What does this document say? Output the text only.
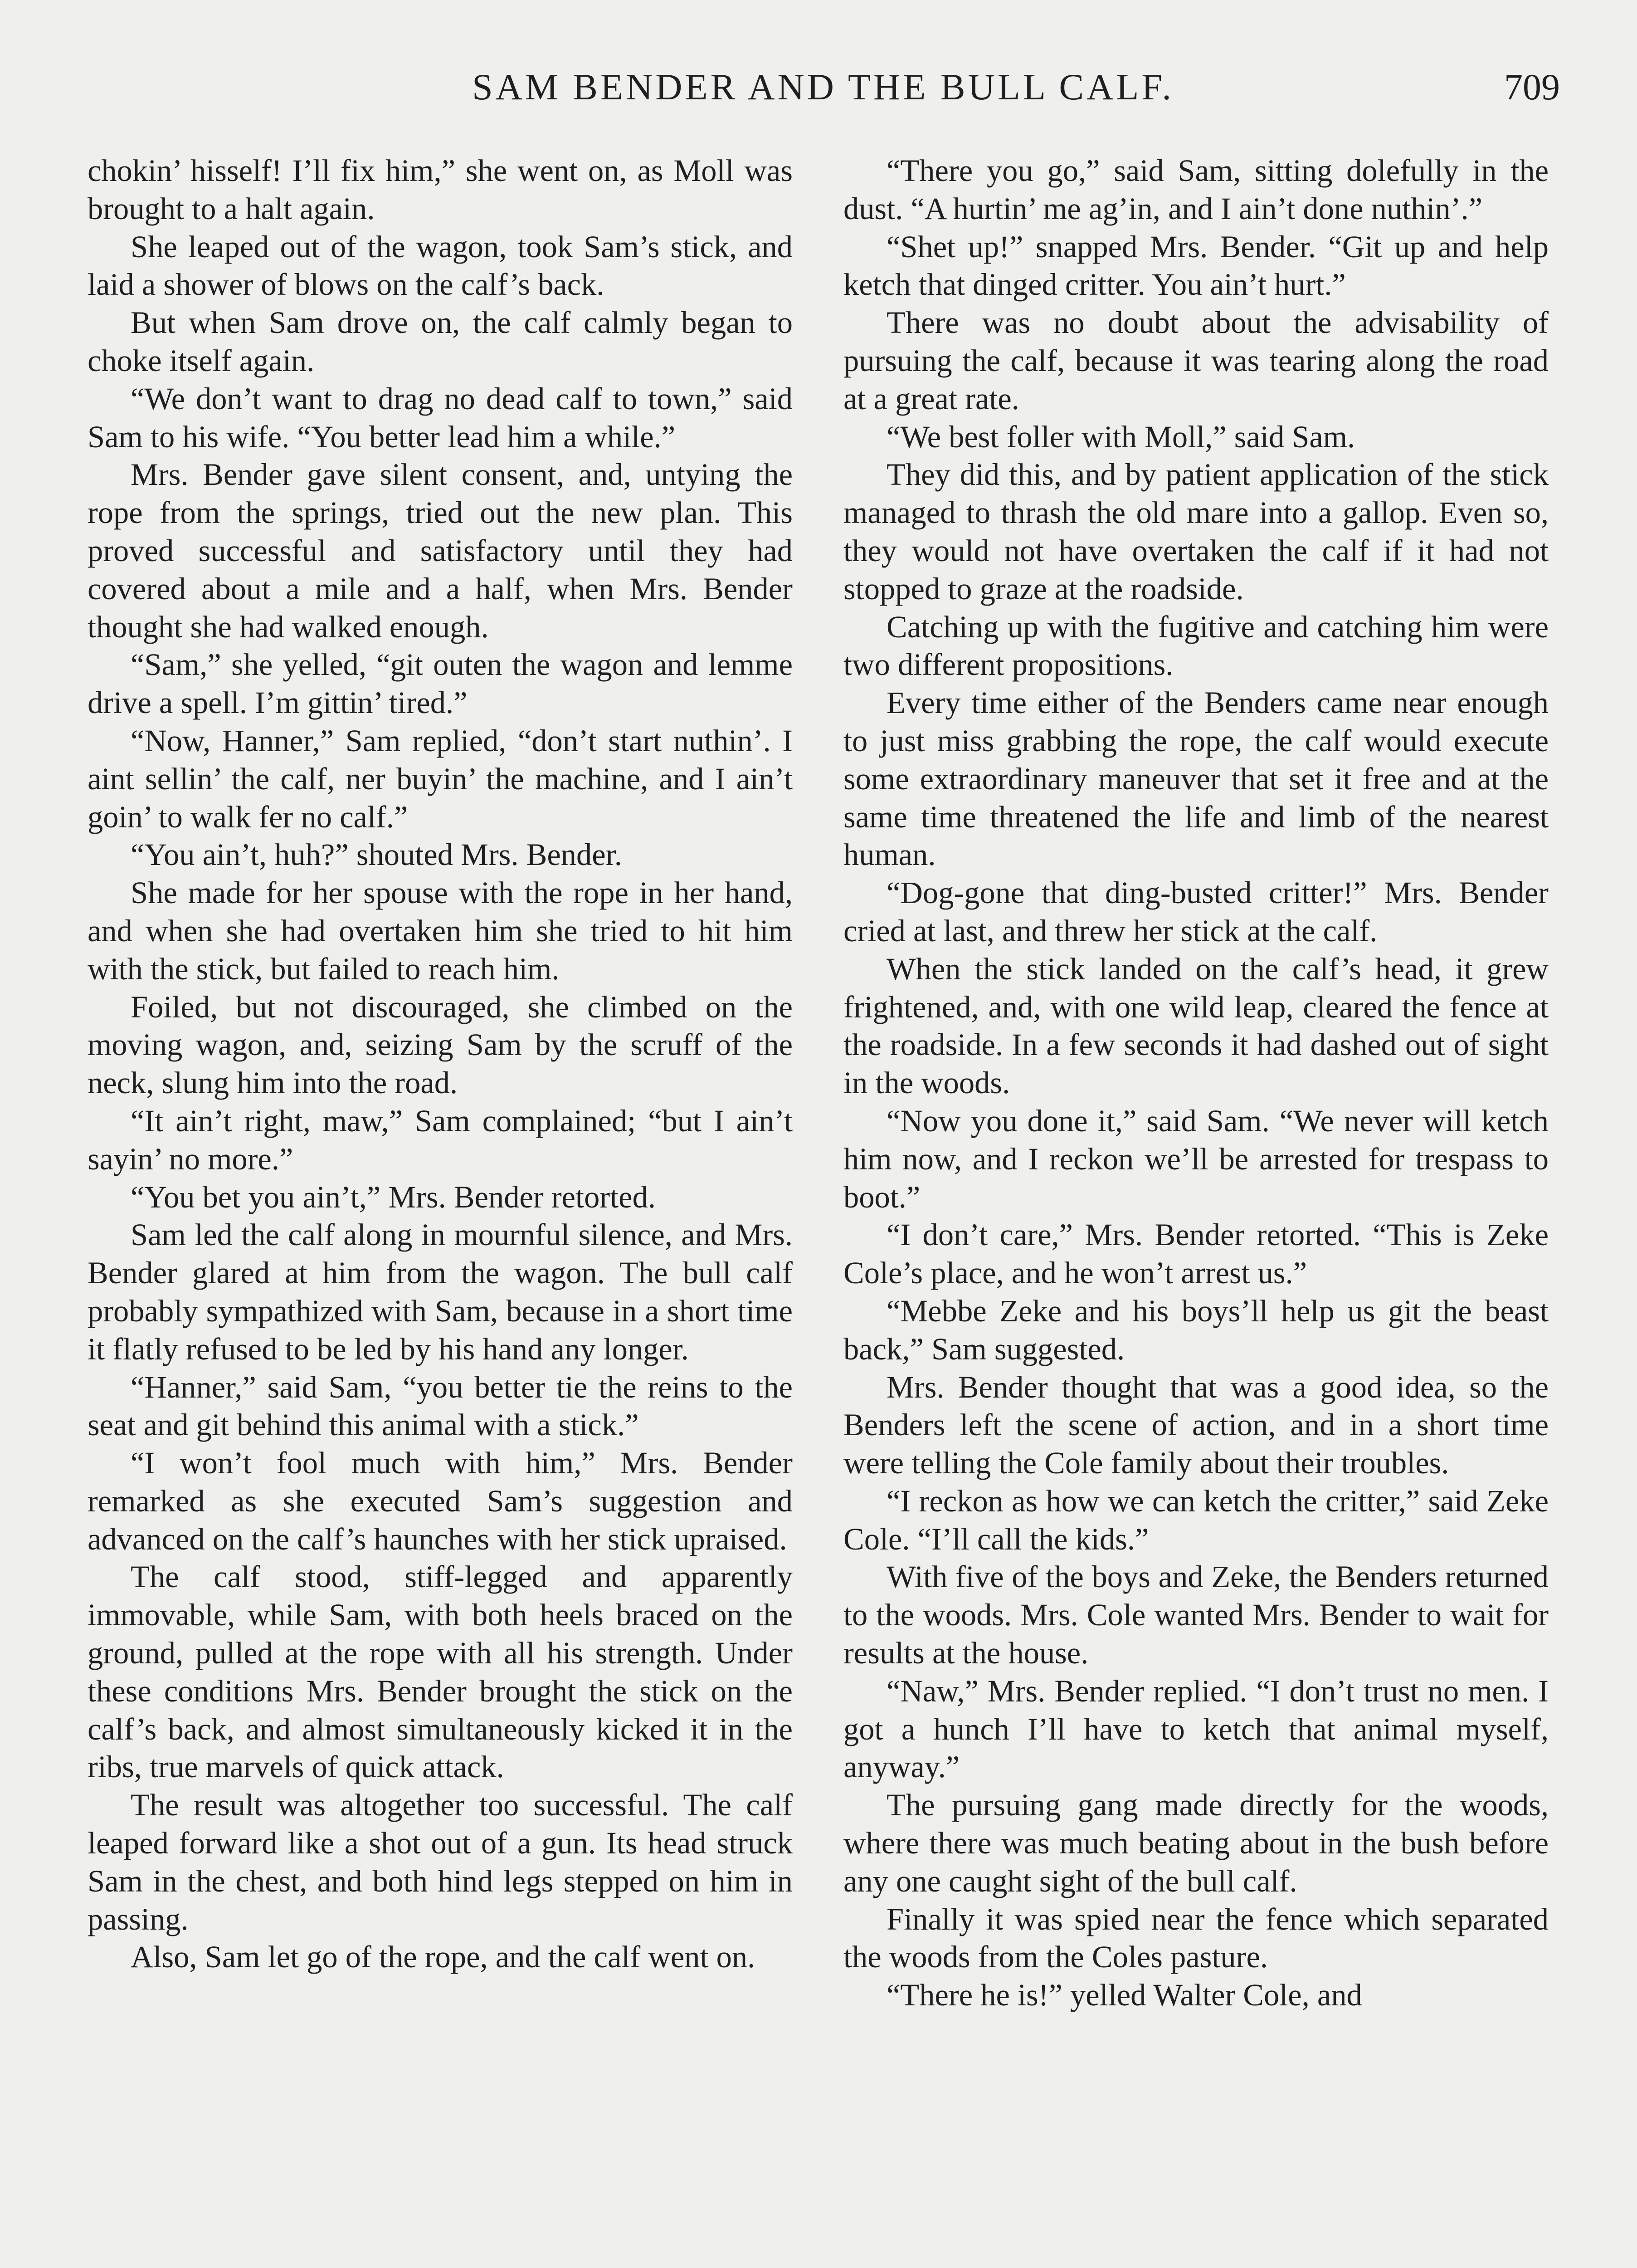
SAM BENDER AND THE BULL CALF.	709

chokin’ hisself! I’ll fix him,” she went on, as Moll was brought to a halt again.

She leaped out of the wagon, took Sam’s stick, and laid a shower of blows on the calf’s back.

But when Sam drove on, the calf calmly began to choke itself again.

“We don’t want to drag no dead calf to town,” said Sam to his wife. “You better lead him a while.”

Mrs. Bender gave silent consent, and, untying the rope from the springs, tried out the new plan. This proved successful and satisfactory until they had covered about a mile and a half, when Mrs. Bender thought she had walked enough.

“Sam,” she yelled, “git outen the wagon and lemme drive a spell. I’m gittin’ tired.”

“Now, Hanner,” Sam replied, “don’t start nuthin’. I aint sellin’ the calf, ner buyin’ the machine, and I ain’t goin’ to walk fer no calf.”

“You ain’t, huh?” shouted Mrs. Bender.

She made for her spouse with the rope in her hand, and when she had overtaken him she tried to hit him with the stick, but failed to reach him.

Foiled, but not discouraged, she climbed on the moving wagon, and, seizing Sam by the scruff of the neck, slung him into the road.

“It ain’t right, maw,” Sam complained; “but I ain’t sayin’ no more.”

“You bet you ain’t,” Mrs. Bender retorted.

Sam led the calf along in mournful silence, and Mrs. Bender glared at him from the wagon. The bull calf probably sympathized with Sam, because in a short time it flatly refused to be led by his hand any longer.

“Hanner,” said Sam, “you better tie the reins to the seat and git behind this animal with a stick.”

“I won’t fool much with him,” Mrs. Bender remarked as she executed Sam’s suggestion and advanced on the calf’s haunches with her stick upraised.

The calf stood, stiff-legged and apparently immovable, while Sam, with both heels braced on the ground, pulled at the rope with all his strength. Under these conditions Mrs. Bender brought the stick on the calf’s back, and almost simultaneously kicked it in the ribs, true marvels of quick attack.

The result was altogether too successful. The calf leaped forward like a shot out of a gun. Its head struck Sam in the chest, and both hind legs stepped on him in passing.

Also, Sam let go of the rope, and the calf went on.

“There you go,” said Sam, sitting dolefully in the dust. “A hurtin’ me ag’in, and I ain’t done nuthin’.”

“Shet up!” snapped Mrs. Bender. “Git up and help ketch that dinged critter. You ain’t hurt.”

There was no doubt about the advisability of pursuing the calf, because it was tearing along the road at a great rate.

“We best foller with Moll,” said Sam.

They did this, and by patient application of the stick managed to thrash the old mare into a gallop. Even so, they would not have overtaken the calf if it had not stopped to graze at the roadside.

Catching up with the fugitive and catching him were two different propositions.

Every time either of the Benders came near enough to just miss grabbing the rope, the calf would execute some extraordinary maneuver that set it free and at the same time threatened the life and limb of the nearest human.

“Dog-gone that ding-busted critter!” Mrs. Bender cried at last, and threw her stick at the calf.

When the stick landed on the calf’s head, it grew frightened, and, with one wild leap, cleared the fence at the roadside. In a few seconds it had dashed out of sight in the woods.

“Now you done it,” said Sam. “We never will ketch him now, and I reckon we’ll be arrested for trespass to boot.”

“I don’t care,” Mrs. Bender retorted. “This is Zeke Cole’s place, and he won’t arrest us.”

“Mebbe Zeke and his boys’ll help us git the beast back,” Sam suggested.

Mrs. Bender thought that was a good idea, so the Benders left the scene of action, and in a short time were telling the Cole family about their troubles.

“I reckon as how we can ketch the critter,” said Zeke Cole. “I’ll call the kids.”

With five of the boys and Zeke, the Benders returned to the woods. Mrs. Cole wanted Mrs. Bender to wait for results at the house.

“Naw,” Mrs. Bender replied. “I don’t trust no men. I got a hunch I’ll have to ketch that animal myself, anyway.”

The pursuing gang made directly for the woods, where there was much beating about in the bush before any one caught sight of the bull calf.

Finally it was spied near the fence which separated the woods from the Coles pasture.

“There he is!” yelled Walter Cole, and
